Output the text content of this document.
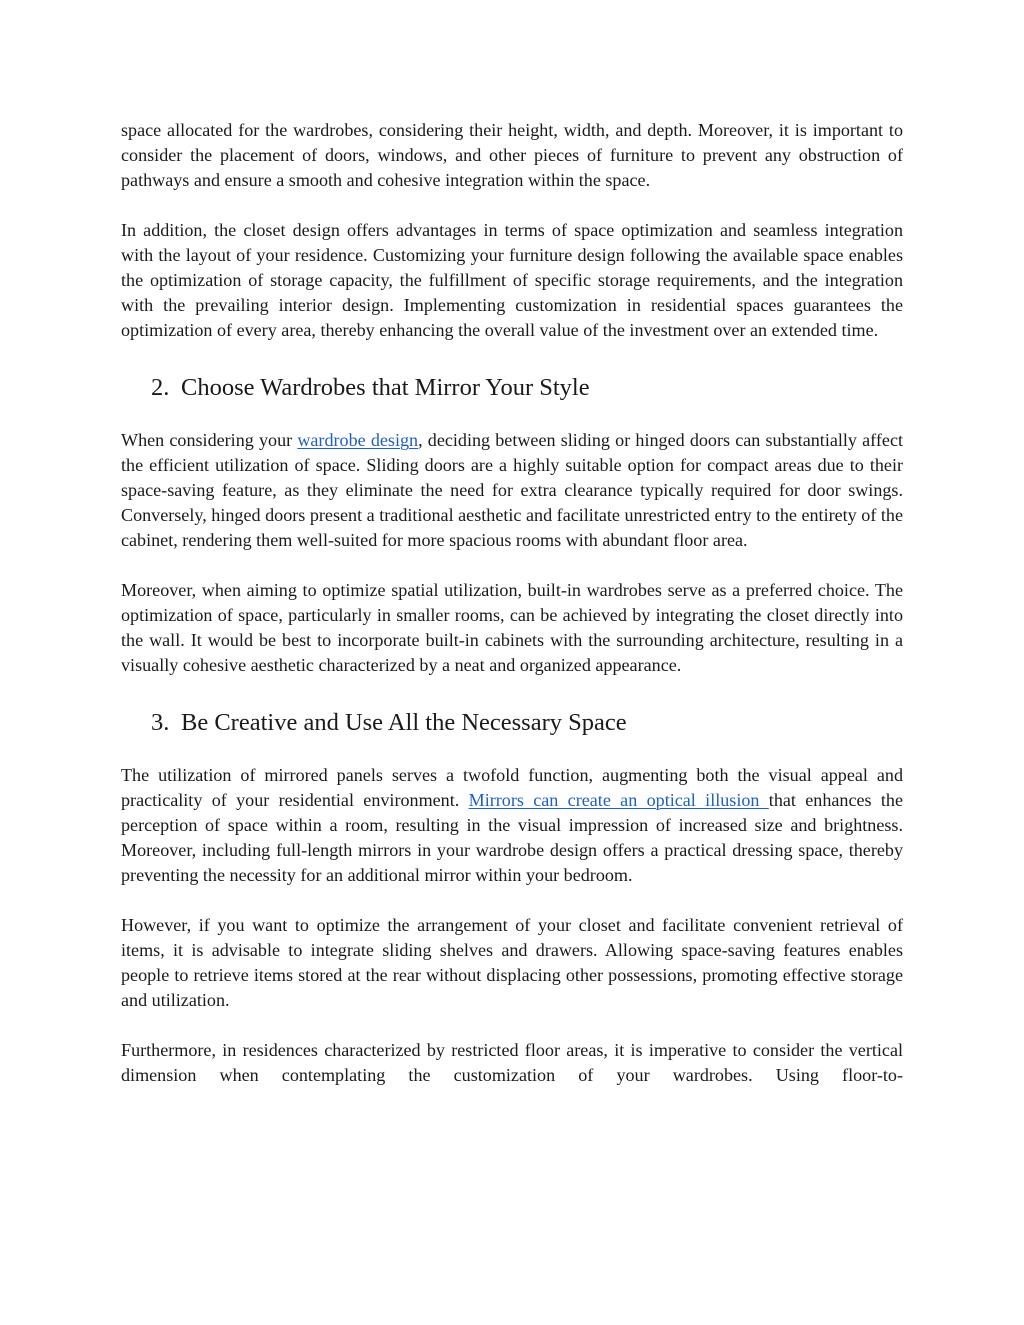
space allocated for the wardrobes, considering their height, width, and depth. Moreover, it is important to consider the placement of doors, windows, and other pieces of furniture to prevent any obstruction of pathways and ensure a smooth and cohesive integration within the space.

In addition, the closet design offers advantages in terms of space optimization and seamless integration with the layout of your residence. Customizing your furniture design following the available space enables the optimization of storage capacity, the fulfillment of specific storage requirements, and the integration with the prevailing interior design. Implementing customization in residential spaces guarantees the optimization of every area, thereby enhancing the overall value of the investment over an extended time.

2. Choose Wardrobes that Mirror Your Style

When considering your wardrobe design, deciding between sliding or hinged doors can substantially affect the efficient utilization of space. Sliding doors are a highly suitable option for compact areas due to their space-saving feature, as they eliminate the need for extra clearance typically required for door swings. Conversely, hinged doors present a traditional aesthetic and facilitate unrestricted entry to the entirety of the cabinet, rendering them well-suited for more spacious rooms with abundant floor area.

Moreover, when aiming to optimize spatial utilization, built-in wardrobes serve as a preferred choice. The optimization of space, particularly in smaller rooms, can be achieved by integrating the closet directly into the wall. It would be best to incorporate built-in cabinets with the surrounding architecture, resulting in a visually cohesive aesthetic characterized by a neat and organized appearance.

3. Be Creative and Use All the Necessary Space

The utilization of mirrored panels serves a twofold function, augmenting both the visual appeal and practicality of your residential environment. Mirrors can create an optical illusion that enhances the perception of space within a room, resulting in the visual impression of increased size and brightness. Moreover, including full-length mirrors in your wardrobe design offers a practical dressing space, thereby preventing the necessity for an additional mirror within your bedroom.

However, if you want to optimize the arrangement of your closet and facilitate convenient retrieval of items, it is advisable to integrate sliding shelves and drawers. Allowing space-saving features enables people to retrieve items stored at the rear without displacing other possessions, promoting effective storage and utilization.

Furthermore, in residences characterized by restricted floor areas, it is imperative to consider the vertical dimension when contemplating the customization of your wardrobes. Using floor-to-
